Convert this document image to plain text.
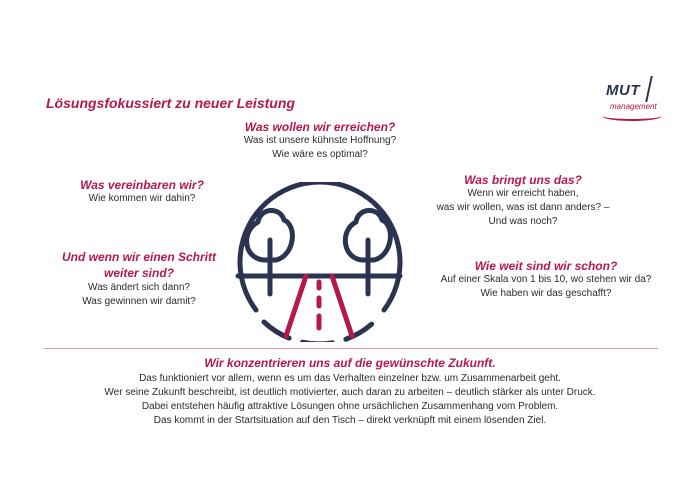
Lösungsfokussiert zu neuer Leistung
MUT
management
Was wollen wir erreichen?
Was ist unsere kühnste Hoffnung?
Wie wäre es optimal?
Was vereinbaren wir?
Wie kommen wir dahin?
Was bringt uns das?
Wenn wir erreicht haben,
was wir wollen, was ist dann anders? –
Und was noch?
Und wenn wir einen Schritt
weiter sind?
Was ändert sich dann?
Was gewinnen wir damit?
Wie weit sind wir schon?
Auf einer Skala von 1 bis 10, wo stehen wir da?
Wie haben wir das geschafft?
Wir konzentrieren uns auf die gewünschte Zukunft.
Das funktioniert vor allem, wenn es um das Verhalten einzelner bzw. um Zusammenarbeit geht.
Wer seine Zukunft beschreibt, ist deutlich motivierter, auch daran zu arbeiten – deutlich stärker als unter Druck.
Dabei entstehen häufig attraktive Lösungen ohne ursächlichen Zusammenhang vom Problem.
Das kommt in der Startsituation auf den Tisch – direkt verknüpft mit einem lösenden Ziel.
